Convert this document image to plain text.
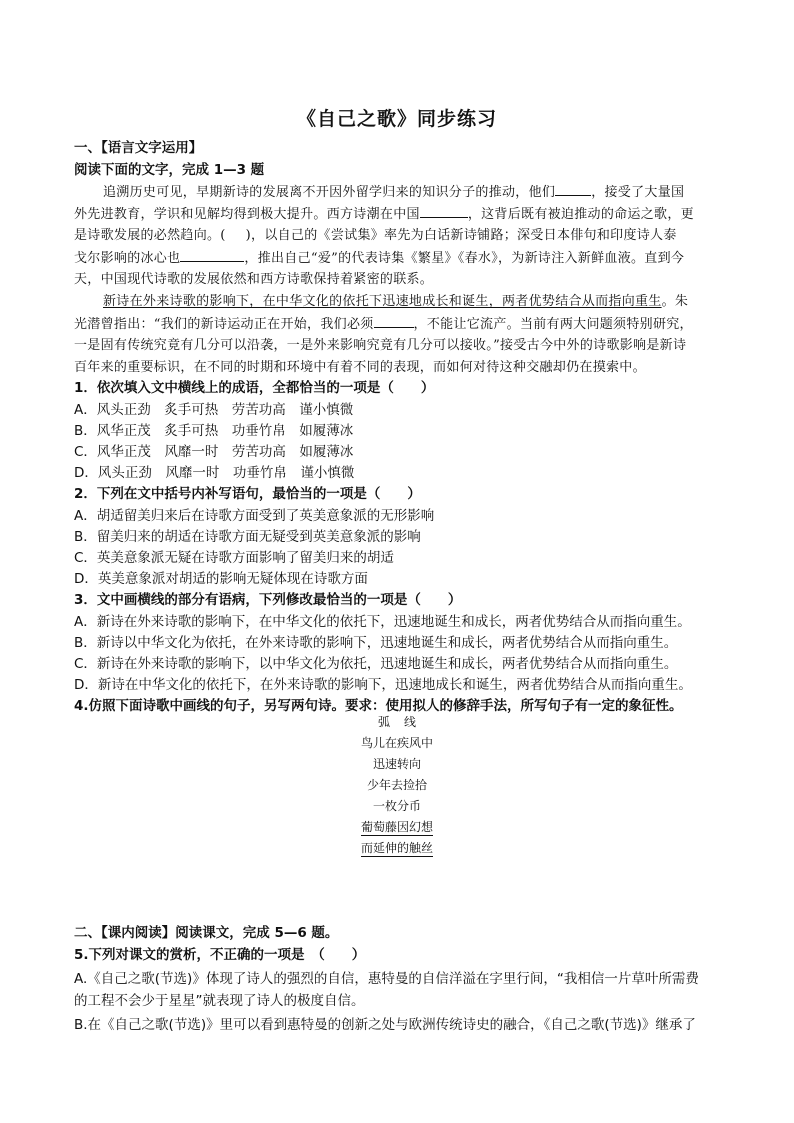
《自己之歌》同步练习
一、【语言文字运用】
阅读下面的文字，完成 1—3 题
追溯历史可见，早期新诗的发展离不开因外留学归来的知识分子的推动，他们	，接受了大量国
外先进教育，学识和见解均得到极大提升。西方诗潮在中国	，这背后既有被迫推动的命运之歌，更
是诗歌发展的必然趋向。( )，以自己的《尝试集》率先为白话新诗铺路；深受日本俳句和印度诗人泰
戈尔影响的冰心也	，推出自己“爱”的代表诗集《繁星》《春水》，为新诗注入新鲜血液。直到今
天，中国现代诗歌的发展依然和西方诗歌保持着紧密的联系。
新诗在外来诗歌的影响下，在中华文化的依托下迅速地成长和诞生，两者优势结合从而指向重生。朱
光潜曾指出：“我们的新诗运动正在开始，我们必须	，不能让它流产。当前有两大问题须特别研究，
一是固有传统究竟有几分可以沿袭，一是外来影响究竟有几分可以接收。”接受古今中外的诗歌影响是新诗
百年来的重要标识，在不同的时期和环境中有着不同的表现，而如何对待这种交融却仍在摸索中。
1．依次填入文中横线上的成语，全都恰当的一项是（　　）
A．风头正劲　炙手可热　劳苦功高　谨小慎微
B．风华正茂　炙手可热　功垂竹帛　如履薄冰
C．风华正茂　风靡一时　劳苦功高　如履薄冰
D．风头正劲　风靡一时　功垂竹帛　谨小慎微
2．下列在文中括号内补写语句，最恰当的一项是（　　）
A．胡适留美归来后在诗歌方面受到了英美意象派的无形影响
B．留美归来的胡适在诗歌方面无疑受到英美意象派的影响
C．英美意象派无疑在诗歌方面影响了留美归来的胡适
D．英美意象派对胡适的影响无疑体现在诗歌方面
3．文中画横线的部分有语病，下列修改最恰当的一项是（　　）
A．新诗在外来诗歌的影响下，在中华文化的依托下，迅速地诞生和成长，两者优势结合从而指向重生。
B．新诗以中华文化为依托，在外来诗歌的影响下，迅速地诞生和成长，两者优势结合从而指向重生。
C．新诗在外来诗歌的影响下，以中华文化为依托，迅速地诞生和成长，两者优势结合从而指向重生。
D．新诗在中华文化的依托下，在外来诗歌的影响下，迅速地成长和诞生，两者优势结合从而指向重生。
4.仿照下面诗歌中画线的句子，另写两句诗。要求：使用拟人的修辞手法，所写句子有一定的象征性。
弧线
鸟儿在疾风中
迅速转向
少年去捡拾
一枚分币
葡萄藤因幻想
而延伸的触丝
二、【课内阅读】阅读课文，完成 5—6 题。
5.下列对课文的赏析，不正确的一项是　（　　）
A.《自己之歌(节选)》体现了诗人的强烈的自信，惠特曼的自信洋溢在字里行间，“我相信一片草叶所需费
的工程不会少于星星”就表现了诗人的极度自信。
B.在《自己之歌(节选)》里可以看到惠特曼的创新之处与欧洲传统诗史的融合，《自己之歌(节选)》继承了
